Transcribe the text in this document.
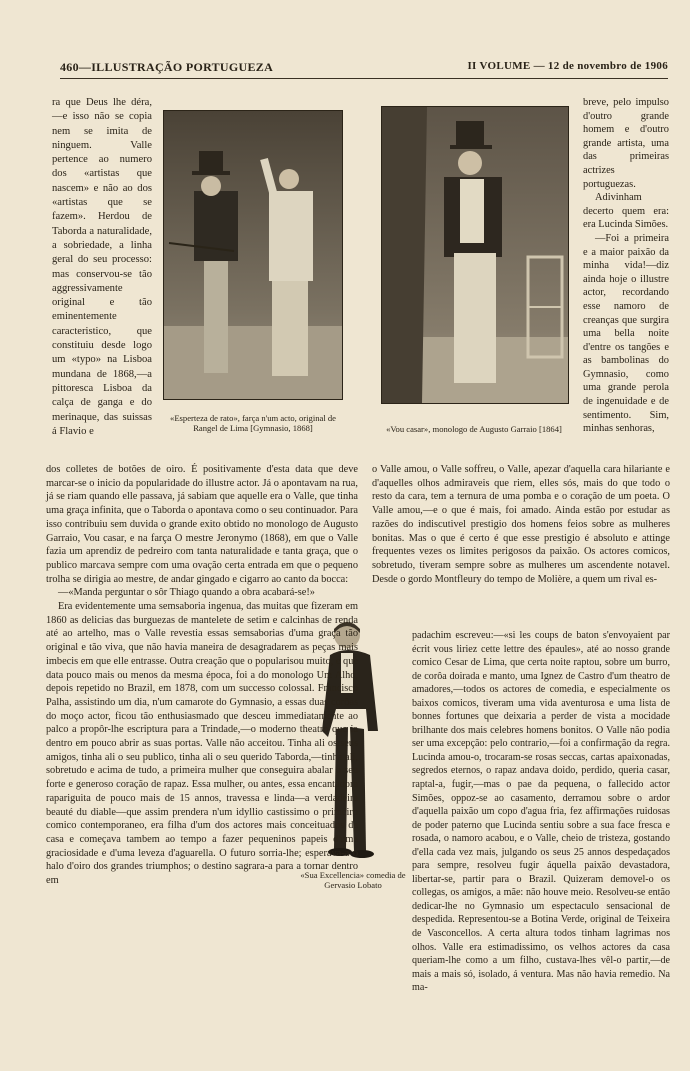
460—ILLUSTRAÇÃO PORTUGUEZA	II VOLUME — 12 de novembro de 1906
«Esperteza de rato», farça n'um acto, original de Rangel de Lima [Gymnasio, 1868]	«Vou casar», monologo de Augusto Garraio [1864]
«Sua Excellencia» comedia de Gervasio Lobato

ra que Deus lhe déra,—e isso não se copia nem se imita de ninguem. Valle pertence ao numero dos «artistas que nascem» e não ao dos «artistas que se fazem». Herdou de Taborda a naturalidade, a sobriedade, a linha geral do seu processo: mas conservou-se tão aggressivamente original e tão eminentemente caracteristico, que constituiu desde logo um «typo» na Lisboa mundana de 1868,—a pittoresca Lisboa da calça de ganga e do merinaque, das suissas á Flavio e

dos colletes de botões de oiro. É positivamente d'esta data que deve marcar-se o inicio da popularidade do illustre actor. Já o apontavam na rua, já se riam quando elle passava, já sabiam que aquelle era o Valle, que tinha uma graça infinita, que o Taborda o apontava como o seu continuador. Para isso contribuiu sem duvida o grande exito obtido no monologo de Augusto Garraio, Vou casar, e na farça O mestre Jeronymo (1868), em que o Valle fazia um aprendiz de pedreiro com tanta naturalidade e tanta graça, que o publico marcava sempre com uma ovação certa entrada em que o pequeno trolha se dirigia ao mestre, de andar gingado e cigarro ao canto da bocca:

—«Manda perguntar o sôr Thiago quando a obra acabará-se!»

Era evidentemente uma semsaboria ingenua, das muitas que fizeram em 1860 as delicias das burguezas de mantelete de setim e calcinhas de renda até ao artelho, mas o Valle revestia essas semsaborias d'uma graça tão original e tão viva, que não havia maneira de desagradarem as peças mais imbecis em que elle entrasse. Outra creação que o popularisou muito, e que data pouco mais ou menos da mesma época, foi a do monologo Um Alho, depois repetido no Brazil, em 1878, com um successo colossal. Francisco Palha, assistindo um dia, n'um camarote do Gymnasio, a essas duas corôas do moço actor, ficou tão enthusiasmado que desceu immediatamente ao palco a propôr-lhe escriptura para a Trindade,—o moderno theatro que ia dentro em pouco abrir as suas portas. Valle não acceitou. Tinha ali os seus amigos, tinha ali o seu publico, tinha ali o seu querido Taborda,—tinha ali, sobretudo e acima de tudo, a primeira mulher que conseguira abalar o seu forte e generoso coração de rapaz. Essa mulher, ou antes, essa encantadora rapariguita de pouco mais de 15 annos, travessa e linda—a verdadeira beauté du diable—que assim prendera n'um idyllio castissimo o primeiro comico contemporaneo, era filha d'um dos actores mais conceituados da casa e começava tambem ao tempo a fazer pequeninos papeis d'uma graciosidade e d'uma leveza d'aguarella. O futuro sorria-lhe; esperava-a o halo d'oiro dos grandes triumphos; o destino sagrara-a para a tornar dentro em

breve, pelo impulso d'outro grande homem e d'outro grande artista, uma das primeiras actrizes portuguezas.

Adivinham decerto quem era: era Lucinda Simões.

—Foi a primeira e a maior paixão da minha vida!—diz ainda hoje o illustre actor, recordando esse namoro de creanças que surgira uma bella noite d'entre os tangões e as bambolinas do Gymnasio, como uma grande perola de ingenuidade e de sentimento. Sim, minhas senhoras,

o Valle amou, o Valle soffreu, o Valle, apezar d'aquella cara hilariante e d'aquelles olhos admiraveis que riem, elles sós, mais do que todo o resto da cara, tem a ternura de uma pomba e o coração de um poeta. O Valle amou,—e o que é mais, foi amado. Ainda estão por estudar as razões do indiscutivel prestigio dos homens feios sobre as mulheres bonitas. Mas o que é certo é que esse prestigio é absoluto e attinge frequentes vezes os limites perigosos da paixão. Os actores comicos, sobretudo, tiveram sempre sobre as mulheres um ascendente notavel. Desde o gordo Montfleury do tempo de Molière, a quem um rival es-

padachim escreveu:—«si les coups de baton s'envoyaient par écrit vous liriez cette lettre des épaules», até ao nosso grande comico Cesar de Lima, que certa noite raptou, sobre um burro, de corôa doirada e manto, uma Ignez de Castro d'um theatro de amadores,—todos os actores de comedia, e especialmente os baixos comicos, tiveram uma vida aventurosa e uma lista de bonnes fortunes que deixaria a perder de vista a mocidade brilhante dos mais celebres homens bonitos. O Valle não podia ser uma excepção: pelo contrario,—foi a confirmação da regra. Lucinda amou-o, trocaram-se rosas seccas, cartas apaixonadas, segredos eternos, o rapaz andava doido, perdido, queria casar, raptal-a, fugir,—mas o pae da pequena, o fallecido actor Simões, oppoz-se ao casamento, derramou sobre o ardor d'aquella paixão um copo d'agua fria, fez affirmações ruidosas de poder paterno que Lucinda sentiu sobre a sua face fresca e rosada, o namoro acabou, e o Valle, cheio de tristeza, gostando d'ella cada vez mais, julgando os seus 25 annos despedaçados para sempre, resolveu fugir áquella paixão devastadora, libertar-se, partir para o Brazil. Quizeram demovel-o os collegas, os amigos, a mãe: não houve meio. Resolveu-se então dedicar-lhe no Gymnasio um espectaculo sensacional de despedida. Representou-se a Botina Verde, original de Teixeira de Vasconcellos. A certa altura todos tinham lagrimas nos olhos. Valle era estimadissimo, os velhos actores da casa queriam-lhe como a um filho, custava-lhes vêl-o partir,—de mais a mais só, isolado, á ventura. Mas não havia remedio. Na ma-
